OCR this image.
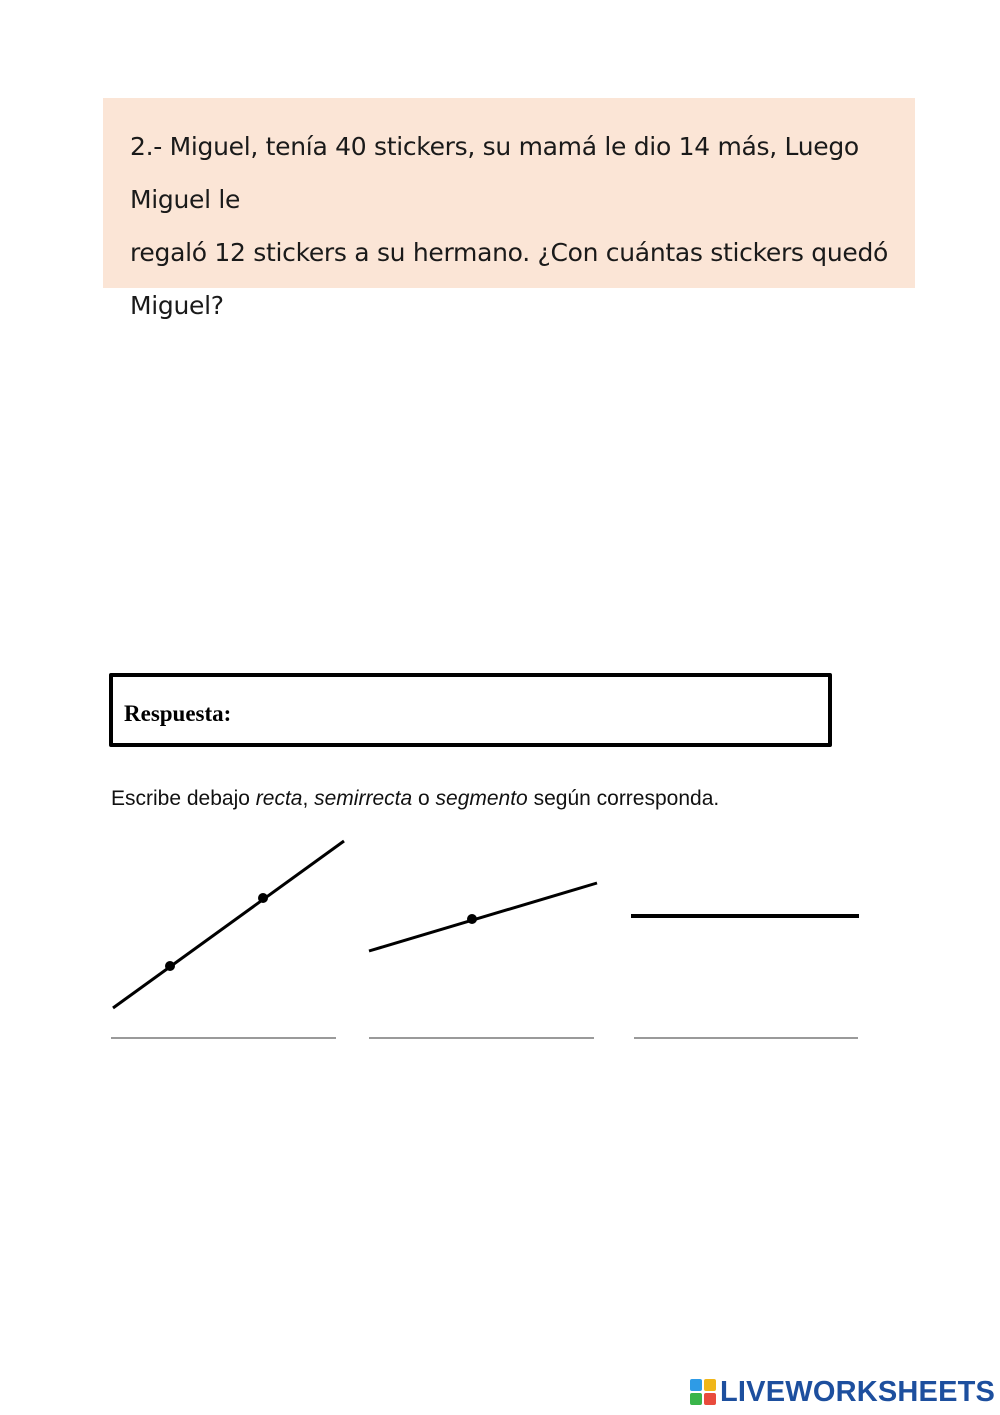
2.- Miguel, tenía 40 stickers, su mamá le dio 14 más, Luego Miguel le
regaló 12 stickers a su hermano. ¿Con cuántas stickers quedó
Miguel?

Respuesta:
Escribe debajo recta, semirrecta o segmento según corresponda.
LIVEWORKSHEETS
